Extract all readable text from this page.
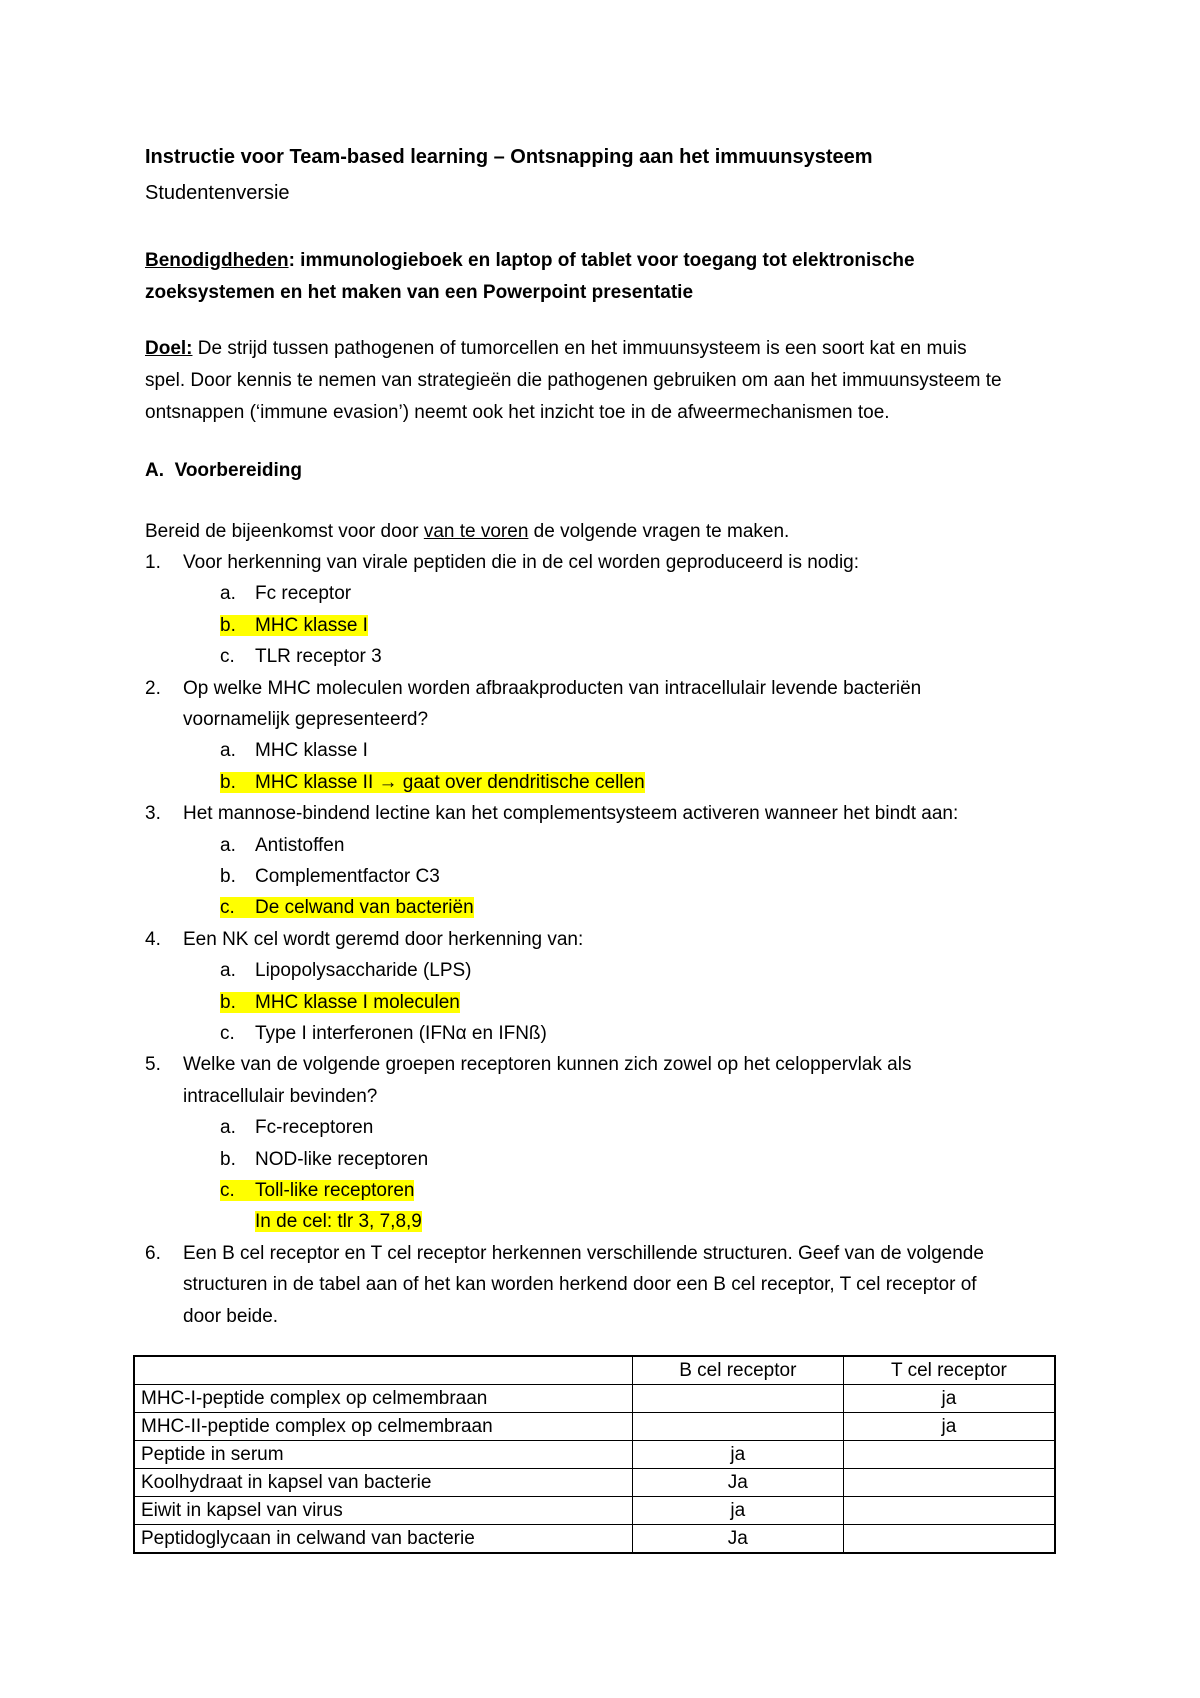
Instructie voor Team-based learning – Ontsnapping aan het immuunsysteem
Studentenversie
Benodigdheden: immunologieboek en laptop of tablet voor toegang tot elektronische
zoeksystemen en het maken van een Powerpoint presentatie
Doel: De strijd tussen pathogenen of tumorcellen en het immuunsysteem is een soort kat en muis
spel. Door kennis te nemen van strategieën die pathogenen gebruiken om aan het immuunsysteem te
ontsnappen (‘immune evasion’) neemt ook het inzicht toe in de afweermechanismen toe.
A. Voorbereiding
Bereid de bijeenkomst voor door van te voren de volgende vragen te maken.
1.	Voor herkenning van virale peptiden die in de cel worden geproduceerd is nodig:
a. Fc receptor
b. MHC klasse I
c. TLR receptor 3
2.	Op welke MHC moleculen worden afbraakproducten van intracellulair levende bacteriën
voornamelijk gepresenteerd?
a. MHC klasse I
b. MHC klasse II → gaat over dendritische cellen
3.	Het mannose-bindend lectine kan het complementsysteem activeren wanneer het bindt aan:
a. Antistoffen
b. Complementfactor C3
c. De celwand van bacteriën
4.	Een NK cel wordt geremd door herkenning van:
a. Lipopolysaccharide (LPS)
b. MHC klasse I moleculen
c. Type I interferonen (IFNα en IFNß)
5.	Welke van de volgende groepen receptoren kunnen zich zowel op het celoppervlak als
intracellulair bevinden?
a. Fc-receptoren
b. NOD-like receptoren
c. Toll-like receptoren
In de cel: tlr 3, 7,8,9
6.	Een B cel receptor en T cel receptor herkennen verschillende structuren. Geef van de volgende
structuren in de tabel aan of het kan worden herkend door een B cel receptor, T cel receptor of
door beide.
	B cel receptor	T cel receptor
MHC-I-peptide complex op celmembraan		ja
MHC-II-peptide complex op celmembraan		ja
Peptide in serum	ja	
Koolhydraat in kapsel van bacterie	Ja	
Eiwit in kapsel van virus	ja	
Peptidoglycaan in celwand van bacterie	Ja	
